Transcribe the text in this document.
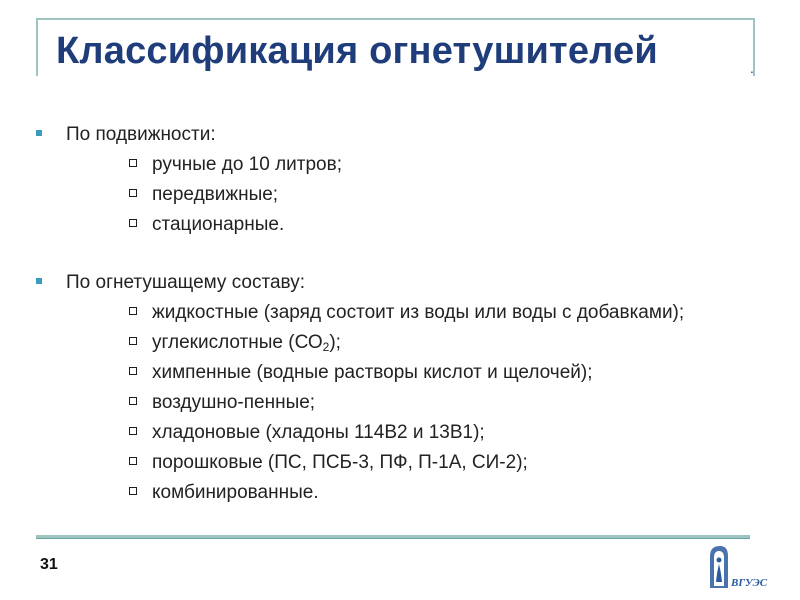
Классификация огнетушителей	.
По подвижности:
ручные до 10 литров;
передвижные;
стационарные.
По огнетушащему составу:
жидкостные (заряд состоит из воды или воды с добавками);
углекислотные $(СО_2)$;
химпенные (водные растворы кислот и щелочей);
воздушно-пенные;
хладоновые (хладоны 114В2 и 13В1);
порошковые (ПС, ПСБ-3, ПФ, П-1А, СИ-2);
комбинированные.
31
ВГУЭС
